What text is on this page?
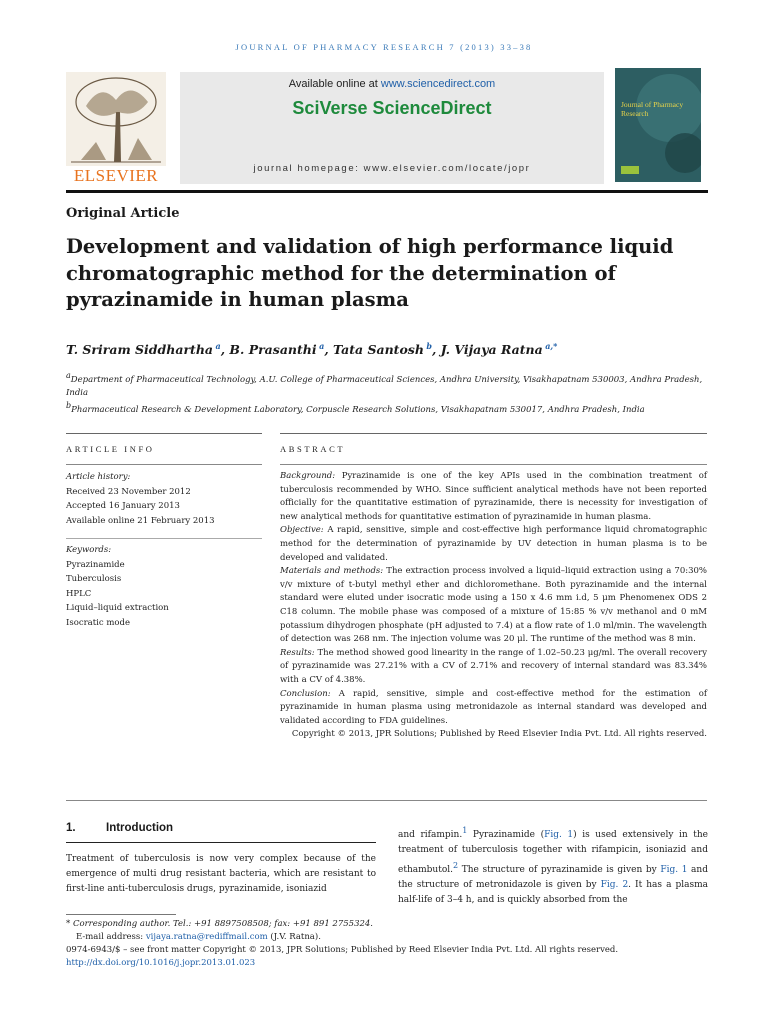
JOURNAL OF PHARMACY RESEARCH 7 (2013) 33–38
ELSEVIER
Available online at www.sciencedirect.com
SciVerse ScienceDirect
journal homepage: www.elsevier.com/locate/jopr
Journal of Pharmacy Research
Original Article
Development and validation of high performance liquid chromatographic method for the determination of pyrazinamide in human plasma
T. Sriram Siddhartha  $^a$, B. Prasanthi  $^a$, Tata Santosh  $^b$, J. Vijaya Ratna  $^{a,*}$
$^a$Department of Pharmaceutical Technology, A.U. College of Pharmaceutical Sciences, Andhra University, Visakhapatnam 530003, Andhra Pradesh, India
$^b$Pharmaceutical Research & Development Laboratory, Corpuscle Research Solutions, Visakhapatnam 530017, Andhra Pradesh, India
ARTICLE INFO	ABSTRACT
Article history:
Received 23 November 2012
Accepted 16 January 2013
Available online 21 February 2013
Keywords:
Pyrazinamide
Tuberculosis
HPLC
Liquid–liquid extraction
Isocratic mode

Background: Pyrazinamide is one of the key APIs used in the combination treatment of tuberculosis recommended by WHO. Since sufficient analytical methods have not been reported officially for the quantitative estimation of pyrazinamide, there is necessity for investigation of new analytical methods for quantitative estimation of pyrazinamide in human plasma.

Objective: A rapid, sensitive, simple and cost-effective high performance liquid chromatographic method for the determination of pyrazinamide by UV detection in human plasma is to be developed and validated.

Materials and methods: The extraction process involved a liquid–liquid extraction using a 70:30% v/v mixture of t-butyl methyl ether and dichloromethane. Both pyrazinamide and the internal standard were eluted under isocratic mode using a 150 x 4.6 mm i.d, 5 μm Phenomenex ODS 2 C18 column. The mobile phase was composed of a mixture of 15:85 % v/v methanol and 0 mM potassium dihydrogen phosphate (pH adjusted to 7.4) at a flow rate of 1.0 ml/min. The wavelength of detection was 268 nm. The injection volume was 20 μl. The runtime of the method was 8 min.

Results: The method showed good linearity in the range of 1.02–50.23 μg/ml. The overall recovery of pyrazinamide was 27.21% with a CV of 2.71% and recovery of internal standard was 83.34% with a CV of 4.38%.

Conclusion: A rapid, sensitive, simple and cost-effective method for the estimation of pyrazinamide in human plasma using metronidazole as internal standard was developed and validated according to FDA guidelines.

Copyright © 2013, JPR Solutions; Published by Reed Elsevier India Pvt. Ltd. All rights reserved.

1.	Introduction
Treatment of tuberculosis is now very complex because of the emergence of multi drug resistant bacteria, which are resistant to first-line anti-tuberculosis drugs, pyrazinamide, isoniazid
and rifampin.$^1$ Pyrazinamide (Fig. 1) is used extensively in the treatment of tuberculosis together with rifampicin, isoniazid and ethambutol.$^2$ The structure of pyrazinamide is given by Fig. 1 and the structure of metronidazole is given by Fig. 2. It has a plasma half-life of 3–4 h, and is quickly absorbed from the
* Corresponding author. Tel.: +91 8897508508; fax: +91 891 2755324.
E-mail address: vijaya.ratna@rediffmail.com (J.V. Ratna).
0974-6943/$ – see front matter Copyright © 2013, JPR Solutions; Published by Reed Elsevier India Pvt. Ltd. All rights reserved.
http://dx.doi.org/10.1016/j.jopr.2013.01.023
